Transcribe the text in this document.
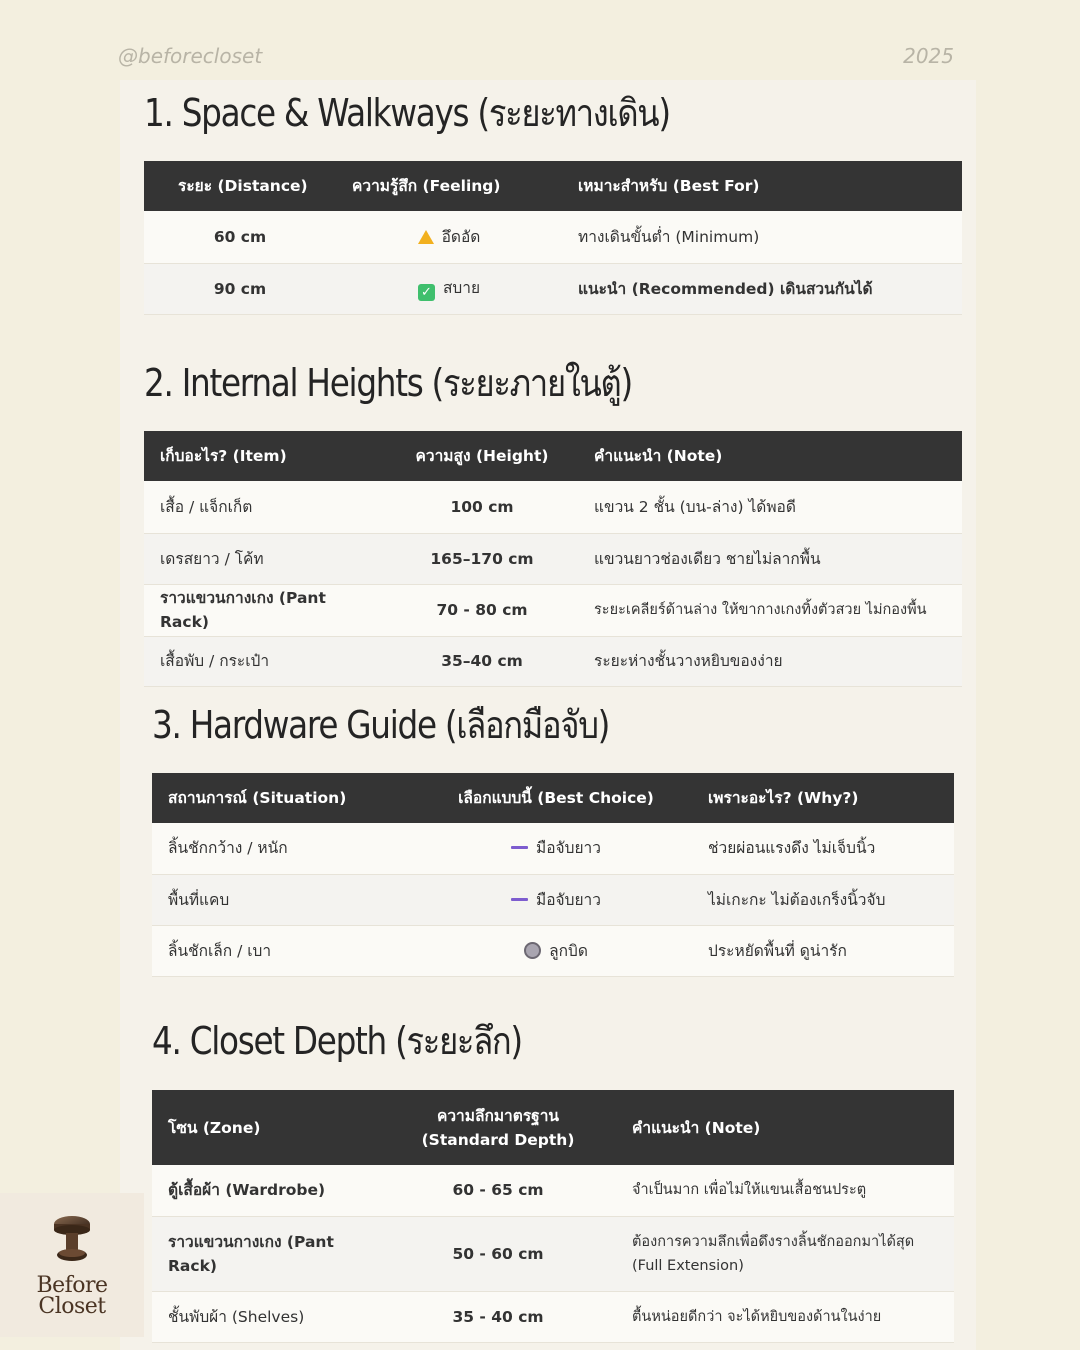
@beforecloset	2025
1. Space & Walkways (ระยะทางเดิน)
ระยะ (Distance)	ความรู้สึก (Feeling)	เหมาะสำหรับ (Best For)
60 cm	อึดอัด	ทางเดินขั้นต่ำ (Minimum)
90 cm	✓ สบาย	แนะนำ (Recommended) เดินสวนกันได้
2. Internal Heights (ระยะภายในตู้)
เก็บอะไร? (Item)	ความสูง (Height)	คำแนะนำ (Note)
เสื้อ / แจ็กเก็ต	100 cm	แขวน 2 ชั้น (บน-ล่าง) ได้พอดี
เดรสยาว / โค้ท	165–170 cm	แขวนยาวช่องเดียว ชายไม่ลากพื้น
ราวแขวนกางเกง (Pant Rack)	70 - 80 cm	ระยะเคลียร์ด้านล่าง ให้ขากางเกงทิ้งตัวสวย ไม่กองพื้น
เสื้อพับ / กระเป๋า	35–40 cm	ระยะห่างชั้นวางหยิบของง่าย
3. Hardware Guide (เลือกมือจับ)
สถานการณ์ (Situation)	เลือกแบบนี้ (Best Choice)	เพราะอะไร? (Why?)
ลิ้นชักกว้าง / หนัก	มือจับยาว	ช่วยผ่อนแรงดึง ไม่เจ็บนิ้ว
พื้นที่แคบ	มือจับยาว	ไม่เกะกะ ไม่ต้องเกร็งนิ้วจับ
ลิ้นชักเล็ก / เบา	ลูกบิด	ประหยัดพื้นที่ ดูน่ารัก
4. Closet Depth (ระยะลึก)
โซน (Zone)	ความลึกมาตรฐาน (Standard Depth)	คำแนะนำ (Note)
ตู้เสื้อผ้า (Wardrobe)	60 - 65 cm	จำเป็นมาก เพื่อไม่ให้แขนเสื้อชนประตู
ราวแขวนกางเกง (Pant Rack)	50 - 60 cm	ต้องการความลึกเพื่อดึงรางลิ้นชักออกมาได้สุด (Full Extension)
ชั้นพับผ้า (Shelves)	35 - 40 cm	ตื้นหน่อยดีกว่า จะได้หยิบของด้านในง่าย
Before
Closet
